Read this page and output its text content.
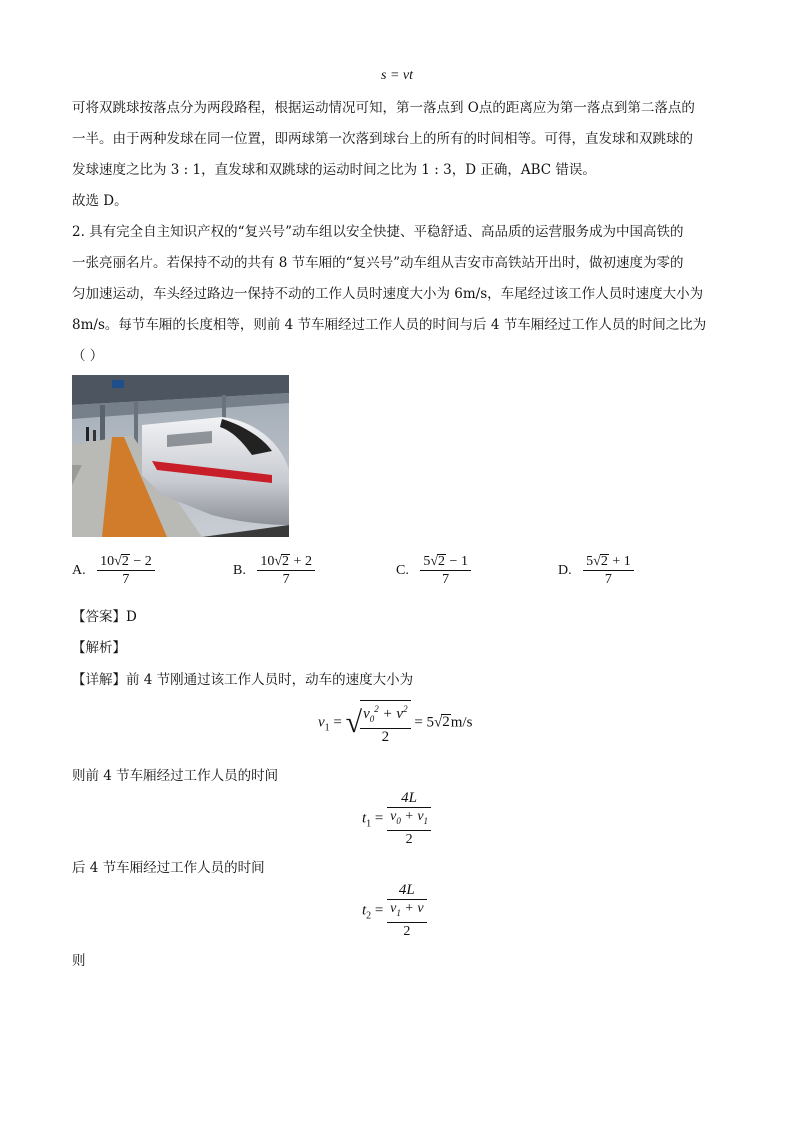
s = vt
可将双跳球按落点分为两段路程，根据运动情况可知，第一落点到 O点的距离应为第一落点到第二落点的
一半。由于两种发球在同一位置，即两球第一次落到球台上的所有的时间相等。可得，直发球和双跳球的
发球速度之比为 3 : 1，直发球和双跳球的运动时间之比为 1 : 3，D 正确，ABC 错误。
故选 D。
2. 具有完全自主知识产权的“复兴号”动车组以安全快捷、平稳舒适、高品质的运营服务成为中国高铁的
一张亮丽名片。若保持不动的共有 8 节车厢的“复兴号”动车组从吉安市高铁站开出时，做初速度为零的
匀加速运动，车头经过路边一保持不动的工作人员时速度大小为 6m/s，车尾经过该工作人员时速度大小为
8m/s。每节车厢的长度相等，则前 4 节车厢经过工作人员的时间与后 4 节车厢经过工作人员的时间之比为
（ ）
A. $\frac{10√2 - 2}{7}$	B. $\frac{10√2 + 2}{7}$	C. $\frac{5√2 - 1}{7}$	D. $\frac{5√2 + 1}{7}$
【答案】D
【解析】
【详解】前 4 节刚通过该工作人员时，动车的速度大小为
$v_1$ = √
$\frac{v_0^2 + v^2}{2} = 5√2m/s$
则前 4 节车厢经过工作人员的时间
$t_1 = \frac{4L}{\frac{v_0 + v_1}{2}}$
后 4 节车厢经过工作人员的时间
$t_2 = \frac{4L}{\frac{v_1 + v}{2}}$
则
